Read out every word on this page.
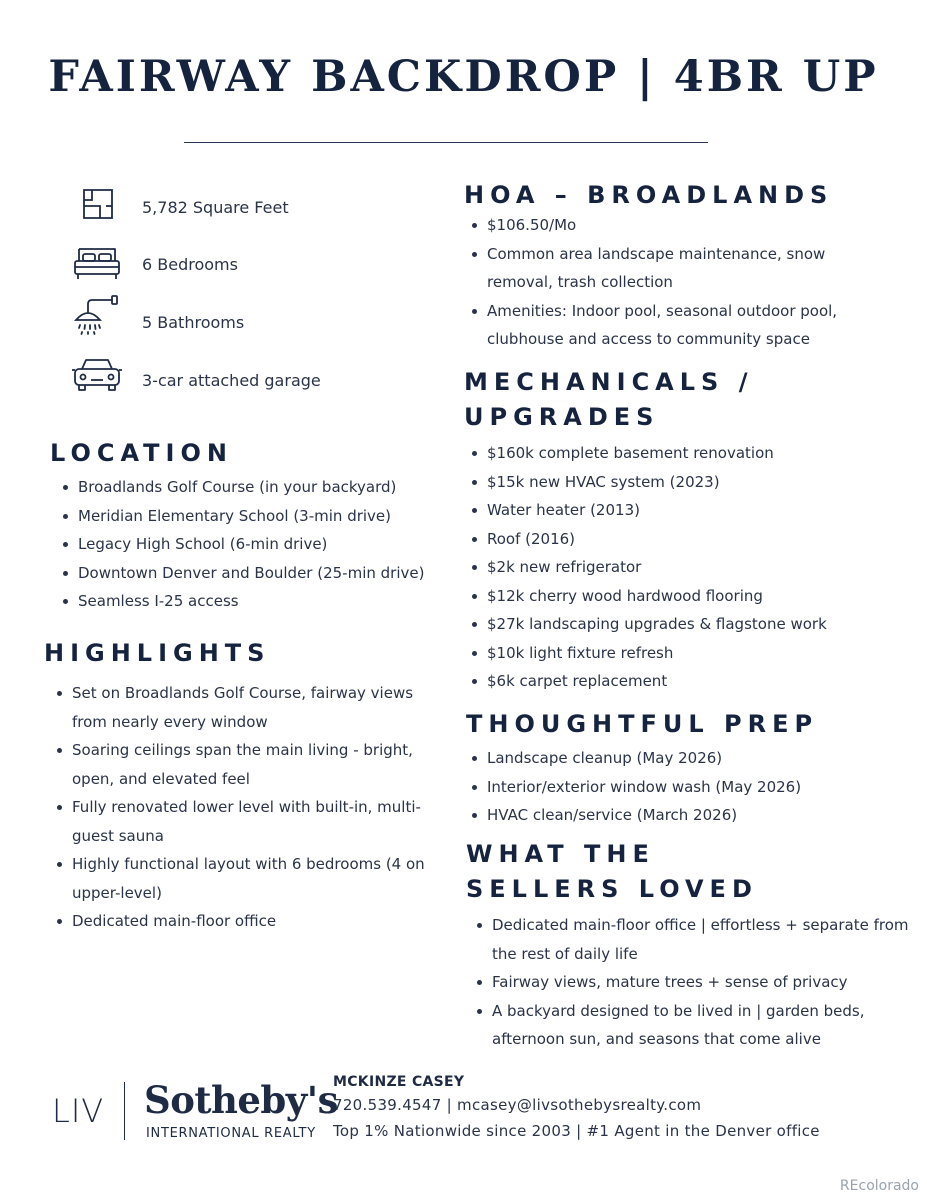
FAIRWAY BACKDROP | 4BR UP
5,782 Square Feet
6 Bedrooms
5 Bathrooms
3-car attached garage
LOCATION
Broadlands Golf Course (in your backyard)
Meridian Elementary School (3-min drive)
Legacy High School (6-min drive)
Downtown Denver and Boulder (25-min drive)
Seamless I-25 access
HIGHLIGHTS
Set on Broadlands Golf Course, fairway views
from nearly every window
Soaring ceilings span the main living - bright,
open, and elevated feel
Fully renovated lower level with built-in, multi-
guest sauna
Highly functional layout with 6 bedrooms (4 on
upper-level)
Dedicated main-floor office
HOA – BROADLANDS
$106.50/Mo
Common area landscape maintenance, snow
removal, trash collection
Amenities: Indoor pool, seasonal outdoor pool,
clubhouse and access to community space
MECHANICALS /
UPGRADES
$160k complete basement renovation
$15k new HVAC system (2023)
Water heater (2013)
Roof (2016)
$2k new refrigerator
$12k cherry wood hardwood flooring
$27k landscaping upgrades & flagstone work
$10k light fixture refresh
$6k carpet replacement
THOUGHTFUL PREP
Landscape cleanup (May 2026)
Interior/exterior window wash (May 2026)
HVAC clean/service (March 2026)
WHAT THE
SELLERS LOVED
Dedicated main-floor office | effortless + separate from
the rest of daily life
Fairway views, mature trees + sense of privacy
A backyard designed to be lived in | garden beds,
afternoon sun, and seasons that come alive
LIV Sotheby's
INTERNATIONAL REALTY
MCKINZE CASEY
720.539.4547 | mcasey@livsothebysrealty.com
Top 1% Nationwide since 2003 | #1 Agent in the Denver office
REcolorado
